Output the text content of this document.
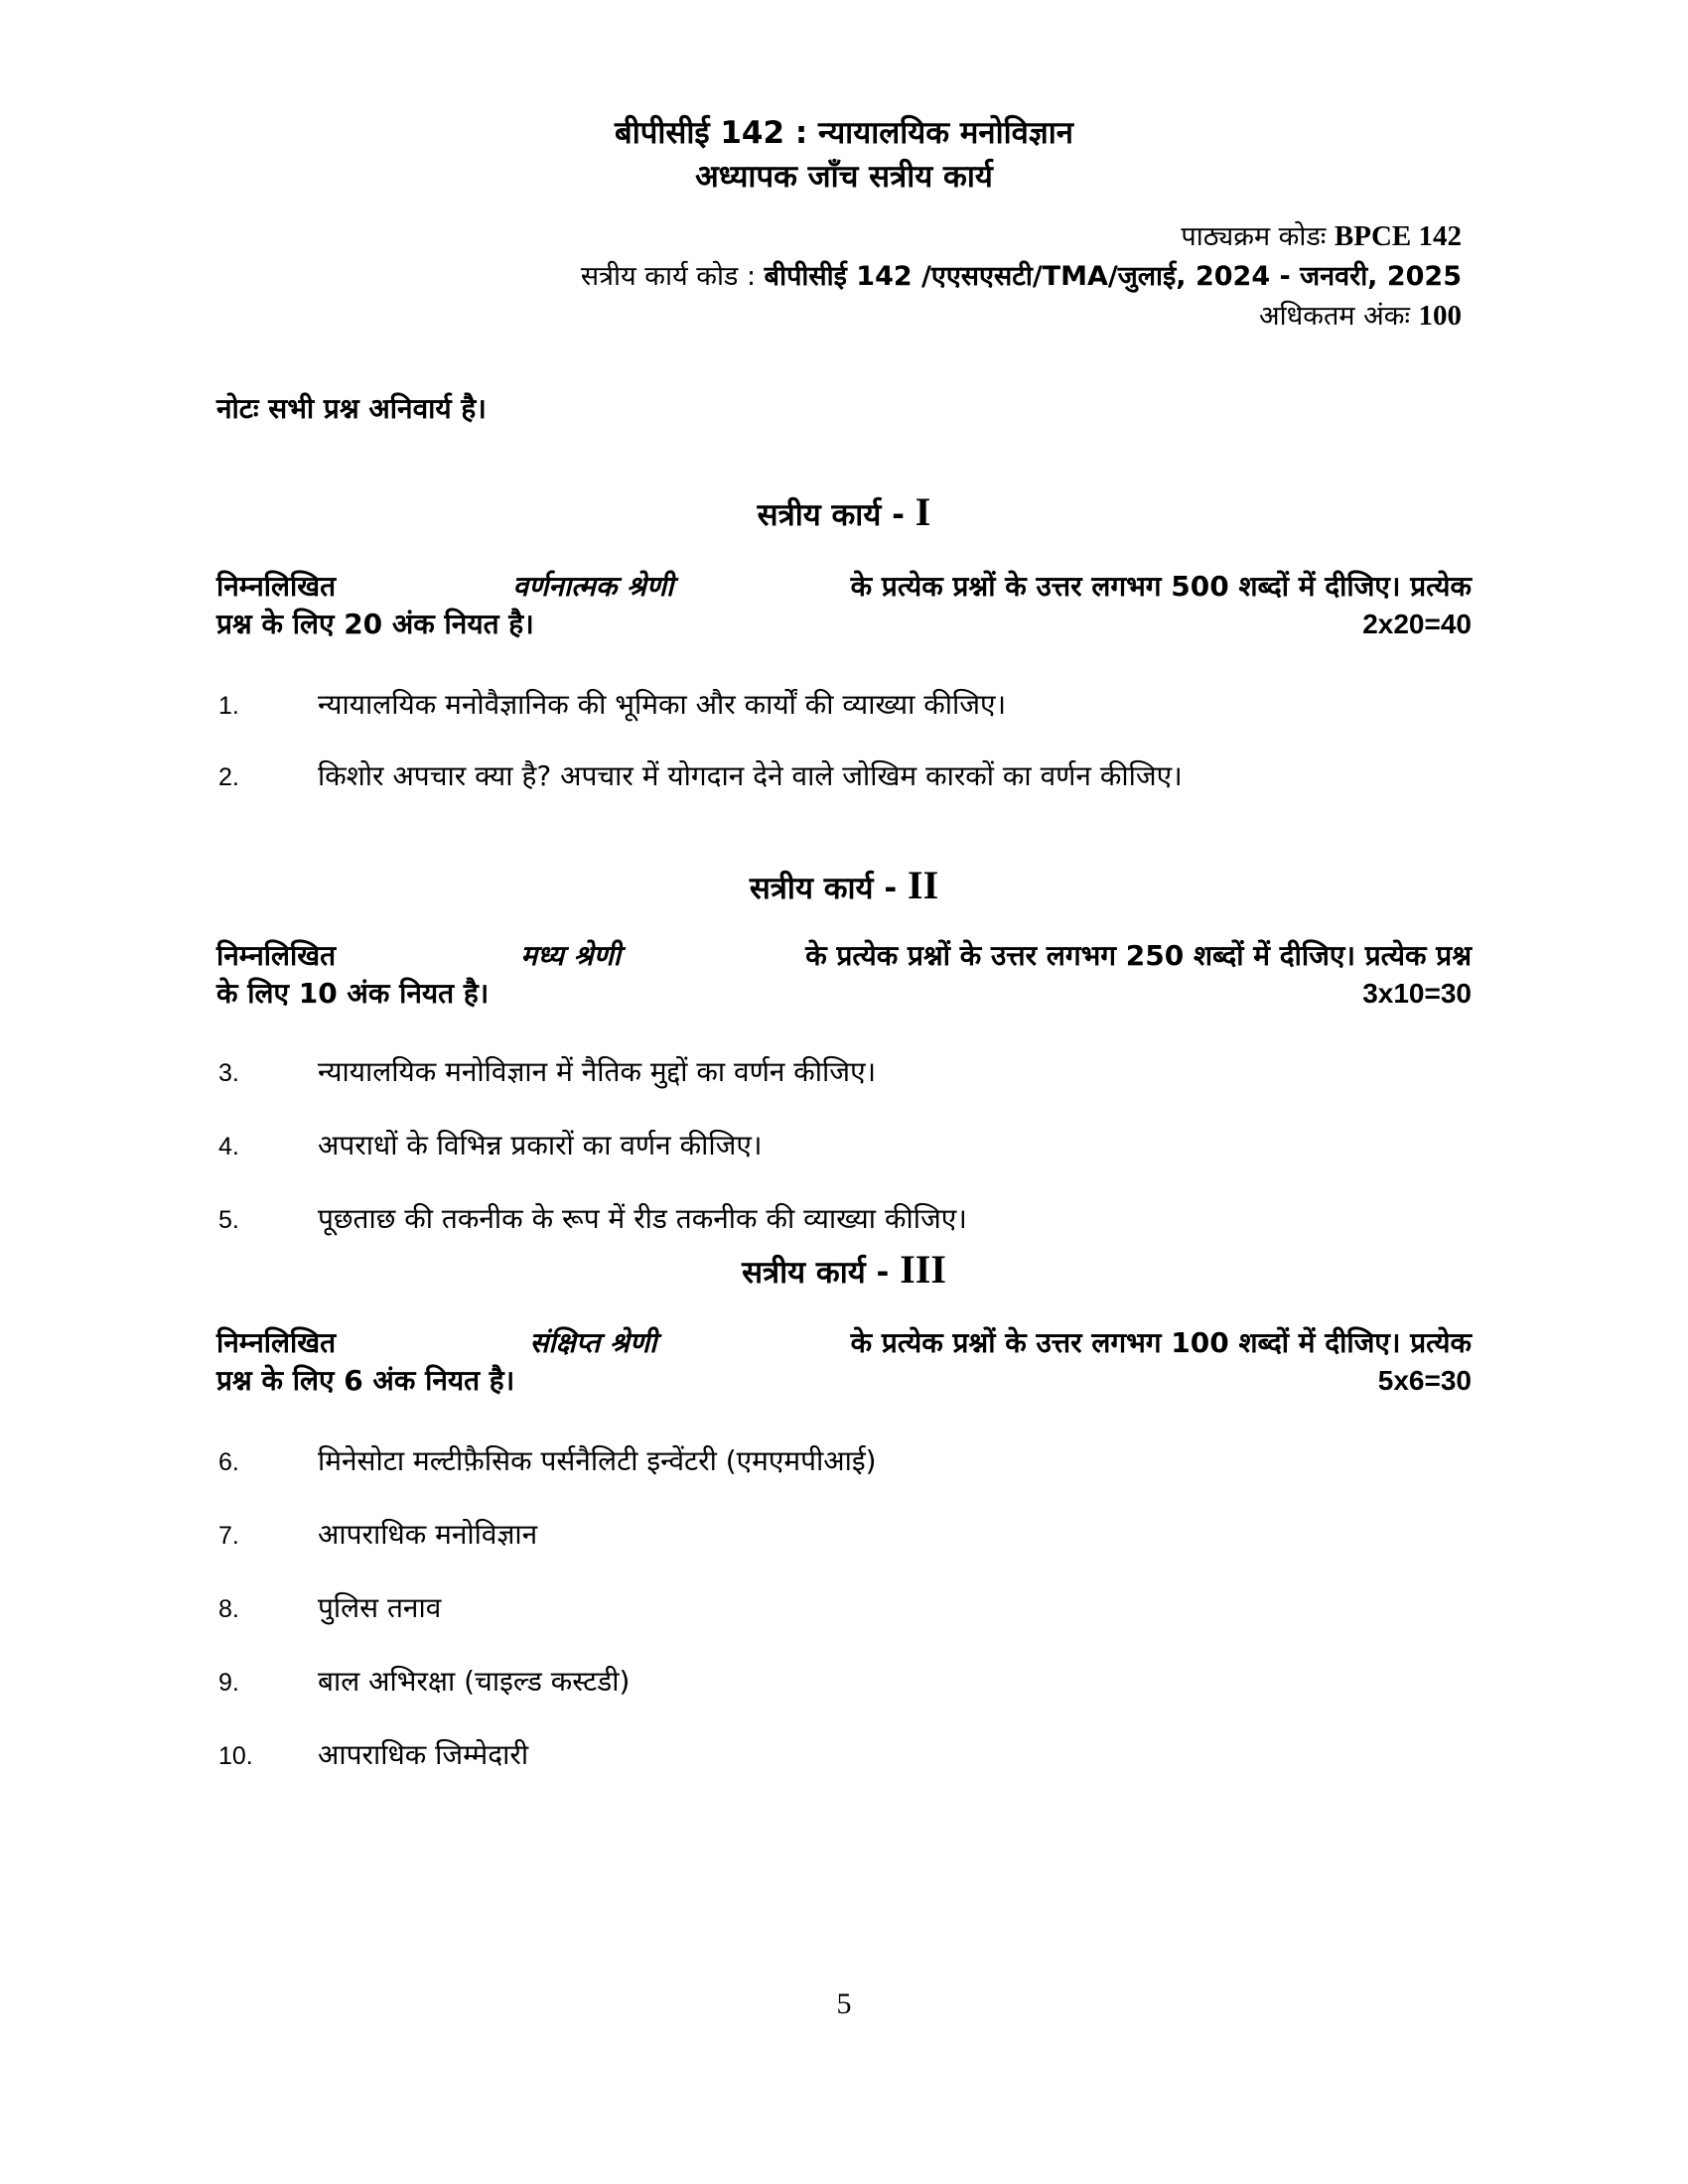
बीपीसीई 142 : न्यायालयिक मनोविज्ञान
अध्यापक जाँच सत्रीय कार्य
पाठ्यक्रम कोडः BPCE 142
सत्रीय कार्य कोड : बीपीसीई 142 /एएसएसटी/TMA/जुलाई, 2024 - जनवरी, 2025
अधिकतम अंकः 100
नोटः सभी प्रश्न अनिवार्य है।
सत्रीय कार्य - I
निम्नलिखित	वर्णनात्मक श्रेणी	के प्रत्येक प्रश्नों के उत्तर लगभग 500 शब्दों में दीजिए। प्रत्येक
प्रश्न के लिए 20 अंक नियत है।	2x20=40
1.	न्यायालयिक मनोवैज्ञानिक की भूमिका और कार्यों की व्याख्या कीजिए।
2.	किशोर अपचार क्या है? अपचार में योगदान देने वाले जोखिम कारकों का वर्णन कीजिए।
सत्रीय कार्य - II
निम्नलिखित	मध्य श्रेणी	के प्रत्येक प्रश्नों के उत्तर लगभग 250 शब्दों में दीजिए। प्रत्येक प्रश्न
के लिए 10 अंक नियत है।	3x10=30
3.	न्यायालयिक मनोविज्ञान में नैतिक मुद्दों का वर्णन कीजिए।
4.	अपराधों के विभिन्न प्रकारों का वर्णन कीजिए।
5.	पूछताछ की तकनीक के रूप में रीड तकनीक की व्याख्या कीजिए।
सत्रीय कार्य - III
निम्नलिखित	संक्षिप्त श्रेणी	के प्रत्येक प्रश्नों के उत्तर लगभग 100 शब्दों में दीजिए। प्रत्येक
प्रश्न के लिए 6 अंक नियत है।	5x6=30
6.	मिनेसोटा मल्टीफ़ैसिक पर्सनैलिटी इन्वेंटरी (एमएमपीआई)
7.	आपराधिक मनोविज्ञान
8.	पुलिस तनाव
9.	बाल अभिरक्षा (चाइल्ड कस्टडी)
10. आपराधिक जिम्मेदारी
5
